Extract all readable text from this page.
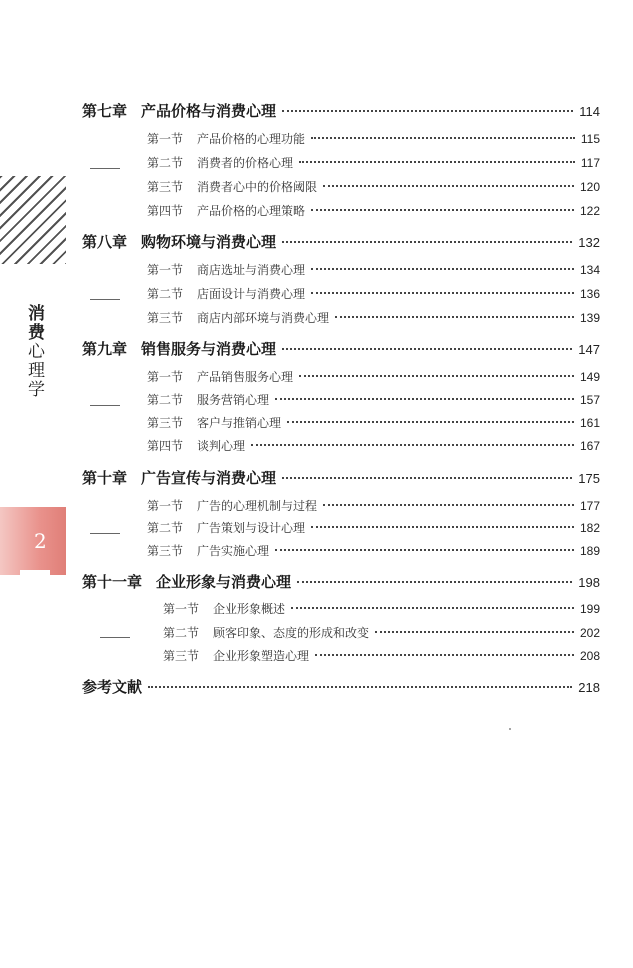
消费心理学
2
第七章 产品价格与消费心理	114
第一节 产品价格的心理功能	115
第二节 消费者的价格心理	117
第三节 消费者心中的价格阈限	120
第四节 产品价格的心理策略	122
第八章 购物环境与消费心理	132
第一节 商店选址与消费心理	134
第二节 店面设计与消费心理	136
第三节 商店内部环境与消费心理	139
第九章 销售服务与消费心理	147
第一节 产品销售服务心理	149
第二节 服务营销心理	157
第三节 客户与推销心理	161
第四节 谈判心理	167
第十章 广告宣传与消费心理	175
第一节 广告的心理机制与过程	177
第二节 广告策划与设计心理	182
第三节 广告实施心理	189
第十一章 企业形象与消费心理	198
第一节 企业形象概述	199
第二节 顾客印象、态度的形成和改变	202
第三节 企业形象塑造心理	208
参考文献	218
